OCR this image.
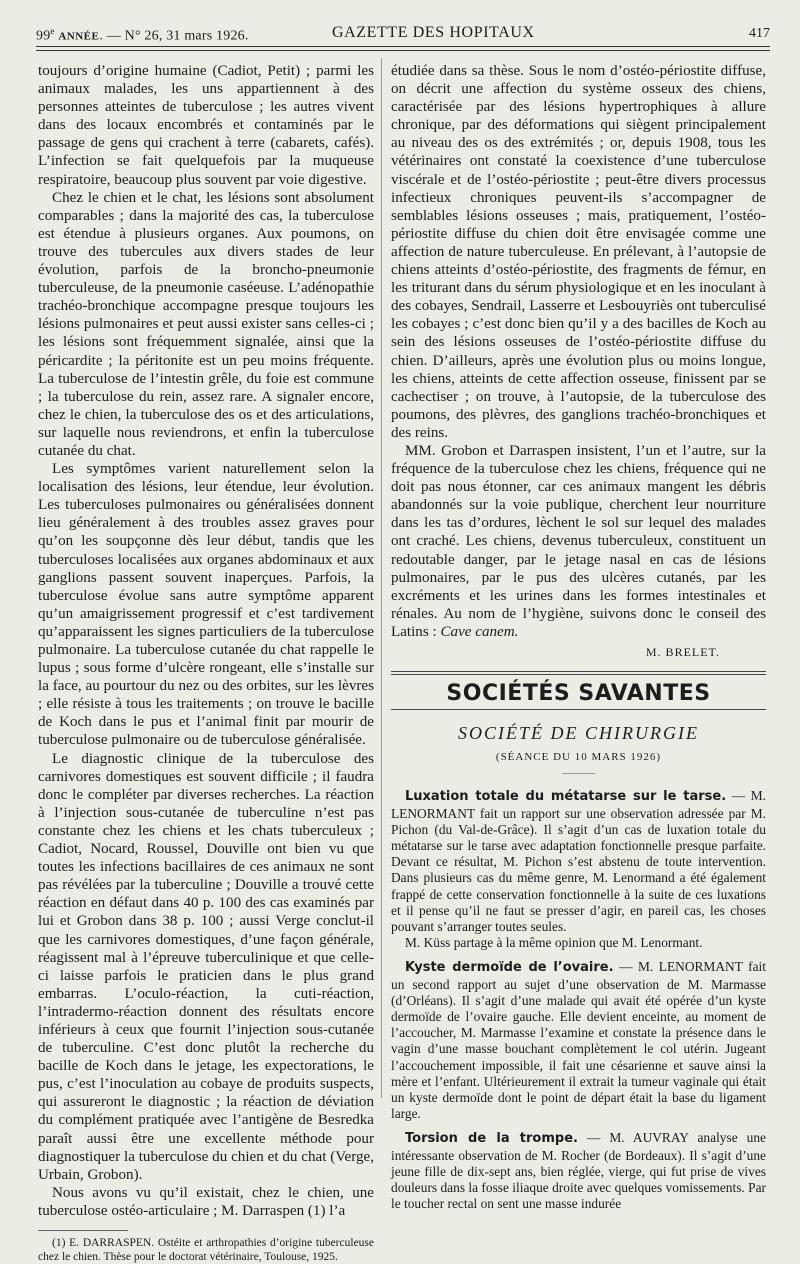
99e ANNÉE. — N° 26, 31 mars 1926.	GAZETTE DES HOPITAUX	417

toujours d’origine humaine (Cadiot, Petit) ; parmi les animaux malades, les uns appartiennent à des personnes atteintes de tuberculose ; les autres vivent dans des locaux encombrés et contaminés par le passage de gens qui crachent à terre (cabarets, cafés). L’infection se fait quelquefois par la muqueuse respiratoire, beaucoup plus souvent par voie digestive.

Chez le chien et le chat, les lésions sont absolument comparables ; dans la majorité des cas, la tuberculose est étendue à plusieurs organes. Aux poumons, on trouve des tubercules aux divers stades de leur évolution, parfois de la broncho-pneumonie tuberculeuse, de la pneumonie caséeuse. L’adénopathie trachéo-bronchique accompagne presque toujours les lésions pulmonaires et peut aussi exister sans celles-ci ; les lésions sont fréquemment signalée, ainsi que la péricardite ; la péritonite est un peu moins fréquente. La tuberculose de l’intestin grêle, du foie est commune ; la tuberculose du rein, assez rare. A signaler encore, chez le chien, la tuberculose des os et des articulations, sur laquelle nous reviendrons, et enfin la tuberculose cutanée du chat.

Les symptômes varient naturellement selon la localisation des lésions, leur étendue, leur évolution. Les tuberculoses pulmonaires ou généralisées donnent lieu généralement à des troubles assez graves pour qu’on les soupçonne dès leur début, tandis que les tuberculoses localisées aux organes abdominaux et aux ganglions passent souvent inaperçues. Parfois, la tuberculose évolue sans autre symptôme apparent qu’un amaigrissement progressif et c’est tardivement qu’apparaissent les signes particuliers de la tuberculose pulmonaire. La tuberculose cutanée du chat rappelle le lupus ; sous forme d’ulcère rongeant, elle s’installe sur la face, au pourtour du nez ou des orbites, sur les lèvres ; elle résiste à tous les traitements ; on trouve le bacille de Koch dans le pus et l’animal finit par mourir de tuberculose pulmonaire ou de tuberculose généralisée.

Le diagnostic clinique de la tuberculose des carnivores domestiques est souvent difficile ; il faudra donc le compléter par diverses recherches. La réaction à l’injection sous-cutanée de tuberculine n’est pas constante chez les chiens et les chats tuberculeux ; Cadiot, Nocard, Roussel, Douville ont bien vu que toutes les infections bacillaires de ces animaux ne sont pas révélées par la tuberculine ; Douville a trouvé cette réaction en défaut dans 40 p. 100 des cas examinés par lui et Grobon dans 38 p. 100 ; aussi Verge conclut-il que les carnivores domestiques, d’une façon générale, réagissent mal à l’épreuve tuberculinique et que celle-ci laisse parfois le praticien dans le plus grand embarras. L’oculo-réaction, la cuti-réaction, l’intradermo-réaction donnent des résultats encore inférieurs à ceux que fournit l’injection sous-cutanée de tuberculine. C’est donc plutôt la recherche du bacille de Koch dans le jetage, les expectorations, le pus, c’est l’inoculation au cobaye de produits suspects, qui assureront le diagnostic ; la réaction de déviation du complément pratiquée avec l’antigène de Besredka paraît aussi être une excellente méthode pour diagnostiquer la tuberculose du chien et du chat (Verge, Urbain, Grobon).

Nous avons vu qu’il existait, chez le chien, une tuberculose ostéo-articulaire ; M. Darraspen (1) l’a

(1) E. DARRASPEN. Ostéite et arthropathies d’origine tuberculeuse chez le chien. Thèse pour le doctorat vétérinaire, Toulouse, 1925.

étudiée dans sa thèse. Sous le nom d’ostéo-périostite diffuse, on décrit une affection du système osseux des chiens, caractérisée par des lésions hypertrophiques à allure chronique, par des déformations qui siègent principalement au niveau des os des extrémités ; or, depuis 1908, tous les vétérinaires ont constaté la coexistence d’une tuberculose viscérale et de l’ostéo-périostite ; peut-être divers processus infectieux chroniques peuvent-ils s’accompagner de semblables lésions osseuses ; mais, pratiquement, l’ostéo-périostite diffuse du chien doit être envisagée comme une affection de nature tuberculeuse. En prélevant, à l’autopsie de chiens atteints d’ostéo-périostite, des fragments de fémur, en les triturant dans du sérum physiologique et en les inoculant à des cobayes, Sendrail, Lasserre et Lesbouyriès ont tuberculisé les cobayes ; c’est donc bien qu’il y a des bacilles de Koch au sein des lésions osseuses de l’ostéo-périostite diffuse du chien. D’ailleurs, après une évolution plus ou moins longue, les chiens, atteints de cette affection osseuse, finissent par se cachectiser ; on trouve, à l’autopsie, de la tuberculose des poumons, des plèvres, des ganglions trachéo-bronchiques et des reins.

MM. Grobon et Darraspen insistent, l’un et l’autre, sur la fréquence de la tuberculose chez les chiens, fréquence qui ne doit pas nous étonner, car ces animaux mangent les débris abandonnés sur la voie publique, cherchent leur nourriture dans les tas d’ordures, lèchent le sol sur lequel des malades ont craché. Les chiens, devenus tuberculeux, constituent un redoutable danger, par le jetage nasal en cas de lésions pulmonaires, par le pus des ulcères cutanés, par les excréments et les urines dans les formes intestinales et rénales. Au nom de l’hygiène, suivons donc le conseil des Latins : Cave canem.

M. BRELET.
SOCIÉTÉS SAVANTES
SOCIÉTÉ DE CHIRURGIE
(SÉANCE DU 10 MARS 1926)
———

Luxation totale du métatarse sur le tarse. — M. LENORMANT fait un rapport sur une observation adressée par M. Pichon (du Val-de-Grâce). Il s’agit d’un cas de luxation totale du métatarse sur le tarse avec adaptation fonctionnelle presque parfaite. Devant ce résultat, M. Pichon s’est abstenu de toute intervention. Dans plusieurs cas du même genre, M. Lenormand a été également frappé de cette conservation fonctionnelle à la suite de ces luxations et il pense qu’il ne faut se presser d’agir, en pareil cas, les choses pouvant s’arranger toutes seules.

M. Küss partage à la même opinion que M. Lenormant.

Kyste dermoïde de l’ovaire. — M. LENORMANT fait un second rapport au sujet d’une observation de M. Marmasse (d’Orléans). Il s’agit d’une malade qui avait été opérée d’un kyste dermoïde de l’ovaire gauche. Elle devient enceinte, au moment de l’accoucher, M. Marmasse l’examine et constate la présence dans le vagin d’une masse bouchant complètement le col utérin. Jugeant l’accouchement impossible, il fait une césarienne et sauve ainsi la mère et l’enfant. Ultérieurement il extrait la tumeur vaginale qui était un kyste dermoïde dont le point de départ était la base du ligament large.

Torsion de la trompe. — M. AUVRAY analyse une intéressante observation de M. Rocher (de Bordeaux). Il s’agit d’une jeune fille de dix-sept ans, bien réglée, vierge, qui fut prise de vives douleurs dans la fosse iliaque droite avec quelques vomissements. Par le toucher rectal on sent une masse indurée
